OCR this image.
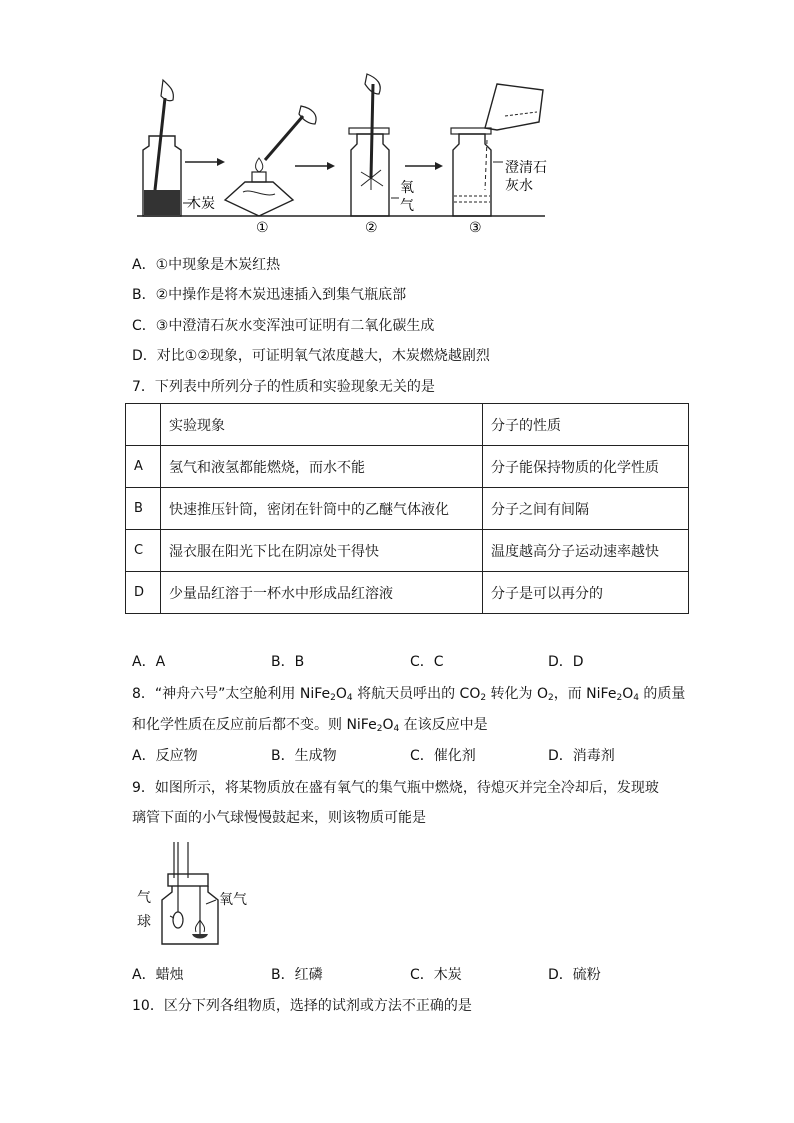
木炭
①
氧
气
②
澄清石
灰水
③
A．①中现象是木炭红热
B．②中操作是将木炭迅速插入到集气瓶底部
C．③中澄清石灰水变浑浊可证明有二氧化碳生成
D．对比①②现象，可证明氧气浓度越大，木炭燃烧越剧烈
7．下列表中所列分子的性质和实验现象无关的是
	实验现象	分子的性质
A	氢气和液氢都能燃烧，而水不能	分子能保持物质的化学性质
B	快速推压针筒，密闭在针筒中的乙醚气体液化	分子之间有间隔
C	湿衣服在阳光下比在阴凉处干得快	温度越高分子运动速率越快
D	少量品红溶于一杯水中形成品红溶液	分子是可以再分的
A．A	B．B	C．C	D．D
8．“神舟六号”太空舱利用 $NiFe_2O_4$ 将航天员呼出的 $CO_2$ 转化为 $O_2$，而 $NiFe_2O_4$ 的质量
和化学性质在反应前后都不变。则 $NiFe_2O_4$ 在该反应中是
A．反应物	B．生成物	C．催化剂	D．消毒剂
9．如图所示，将某物质放在盛有氧气的集气瓶中燃烧，待熄灭并完全冷却后，发现玻
璃管下面的小气球慢慢鼓起来，则该物质可能是
气
球
氧气
A．蜡烛	B．红磷	C．木炭	D．硫粉
10．区分下列各组物质，选择的试剂或方法不正确的是
